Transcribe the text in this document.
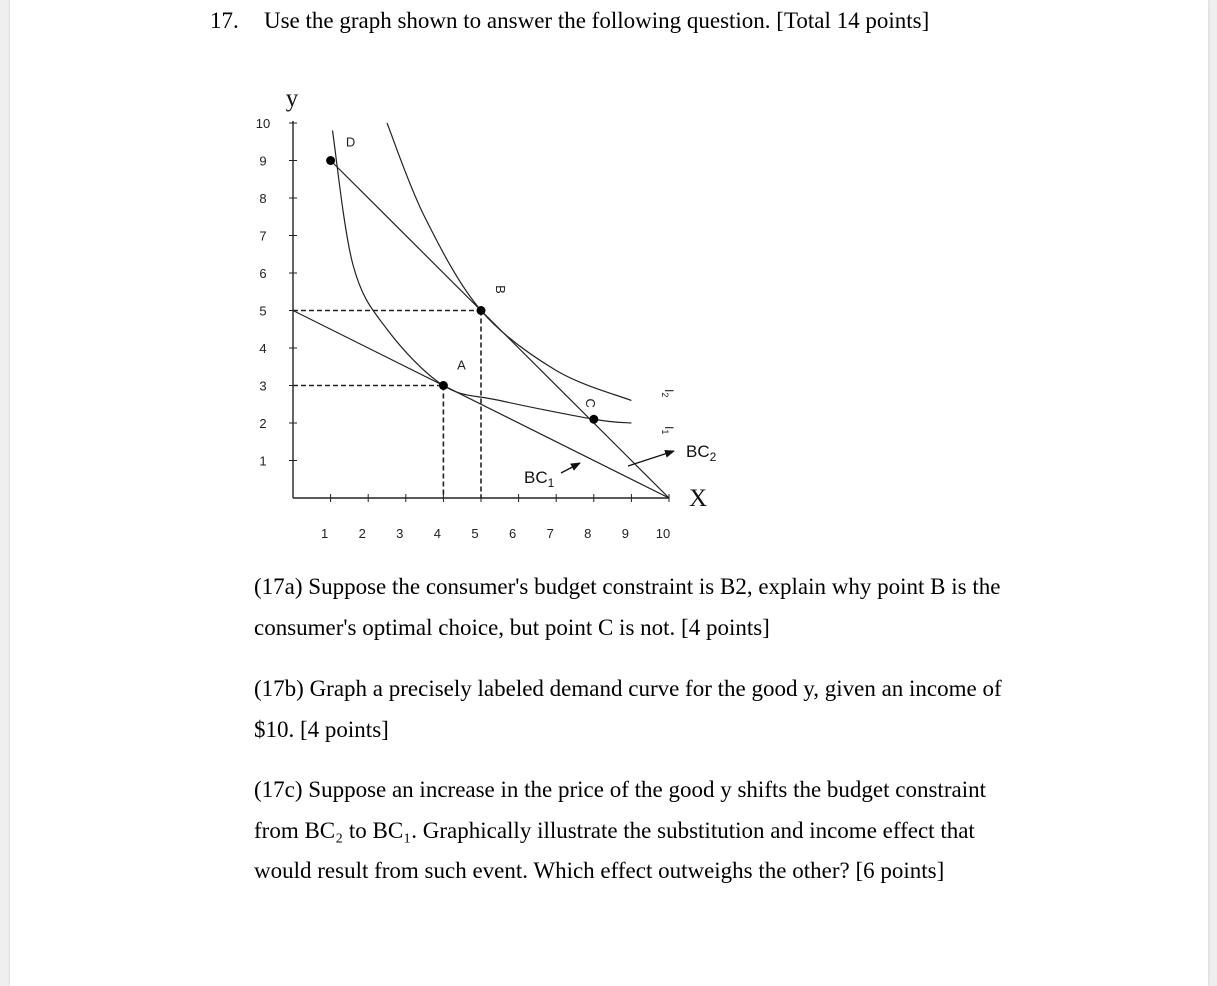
17. Use the graph shown to answer the following question. [Total 14 points]
1
2
3
4
5
6
7
8
9
10
1 2 3 4 5 6 7 8 9 10
y
X
D
B
A
C
$I_1$
$I_2$
$BC_2$
$BC_1$

(17a) Suppose the consumer's budget constraint is B2, explain why point B is the consumer's optimal choice, but point C is not. [4 points]

(17b) Graph a precisely labeled demand curve for the good y, given an income of $10. [4 points]

(17c) Suppose an increase in the price of the good y shifts the budget constraint from BC₂ to BC₁. Graphically illustrate the substitution and income effect that would result from such event. Which effect outweighs the other? [6 points]
